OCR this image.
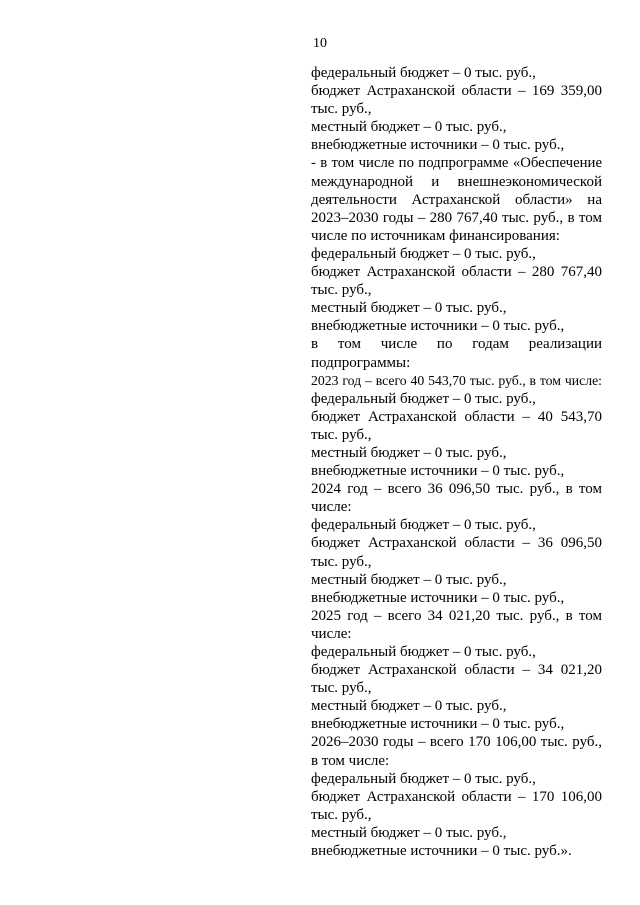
10
федеральный бюджет – 0 тыс. руб.,
бюджет Астраханской области – 169 359,00
тыс. руб.,
местный бюджет – 0 тыс. руб.,
внебюджетные источники – 0 тыс. руб.,
- в том числе по подпрограмме «Обеспечение
международной и внешнеэкономической
деятельности Астраханской области» на
2023–2030 годы – 280 767,40 тыс. руб., в том
числе по источникам финансирования:
федеральный бюджет – 0 тыс. руб.,
бюджет Астраханской области – 280 767,40
тыс. руб.,
местный бюджет – 0 тыс. руб.,
внебюджетные источники – 0 тыс. руб.,
в том числе по годам реализации
подпрограммы:
2023 год – всего 40 543,70 тыс. руб., в том числе:
федеральный бюджет – 0 тыс. руб.,
бюджет Астраханской области – 40 543,70
тыс. руб.,
местный бюджет – 0 тыс. руб.,
внебюджетные источники – 0 тыс. руб.,
2024 год – всего 36 096,50 тыс. руб., в том
числе:
федеральный бюджет – 0 тыс. руб.,
бюджет Астраханской области – 36 096,50
тыс. руб.,
местный бюджет – 0 тыс. руб.,
внебюджетные источники – 0 тыс. руб.,
2025 год – всего 34 021,20 тыс. руб., в том
числе:
федеральный бюджет – 0 тыс. руб.,
бюджет Астраханской области – 34 021,20
тыс. руб.,
местный бюджет – 0 тыс. руб.,
внебюджетные источники – 0 тыс. руб.,
2026–2030 годы – всего 170 106,00 тыс. руб.,
в том числе:
федеральный бюджет – 0 тыс. руб.,
бюджет Астраханской области – 170 106,00
тыс. руб.,
местный бюджет – 0 тыс. руб.,
внебюджетные источники – 0 тыс. руб.».
